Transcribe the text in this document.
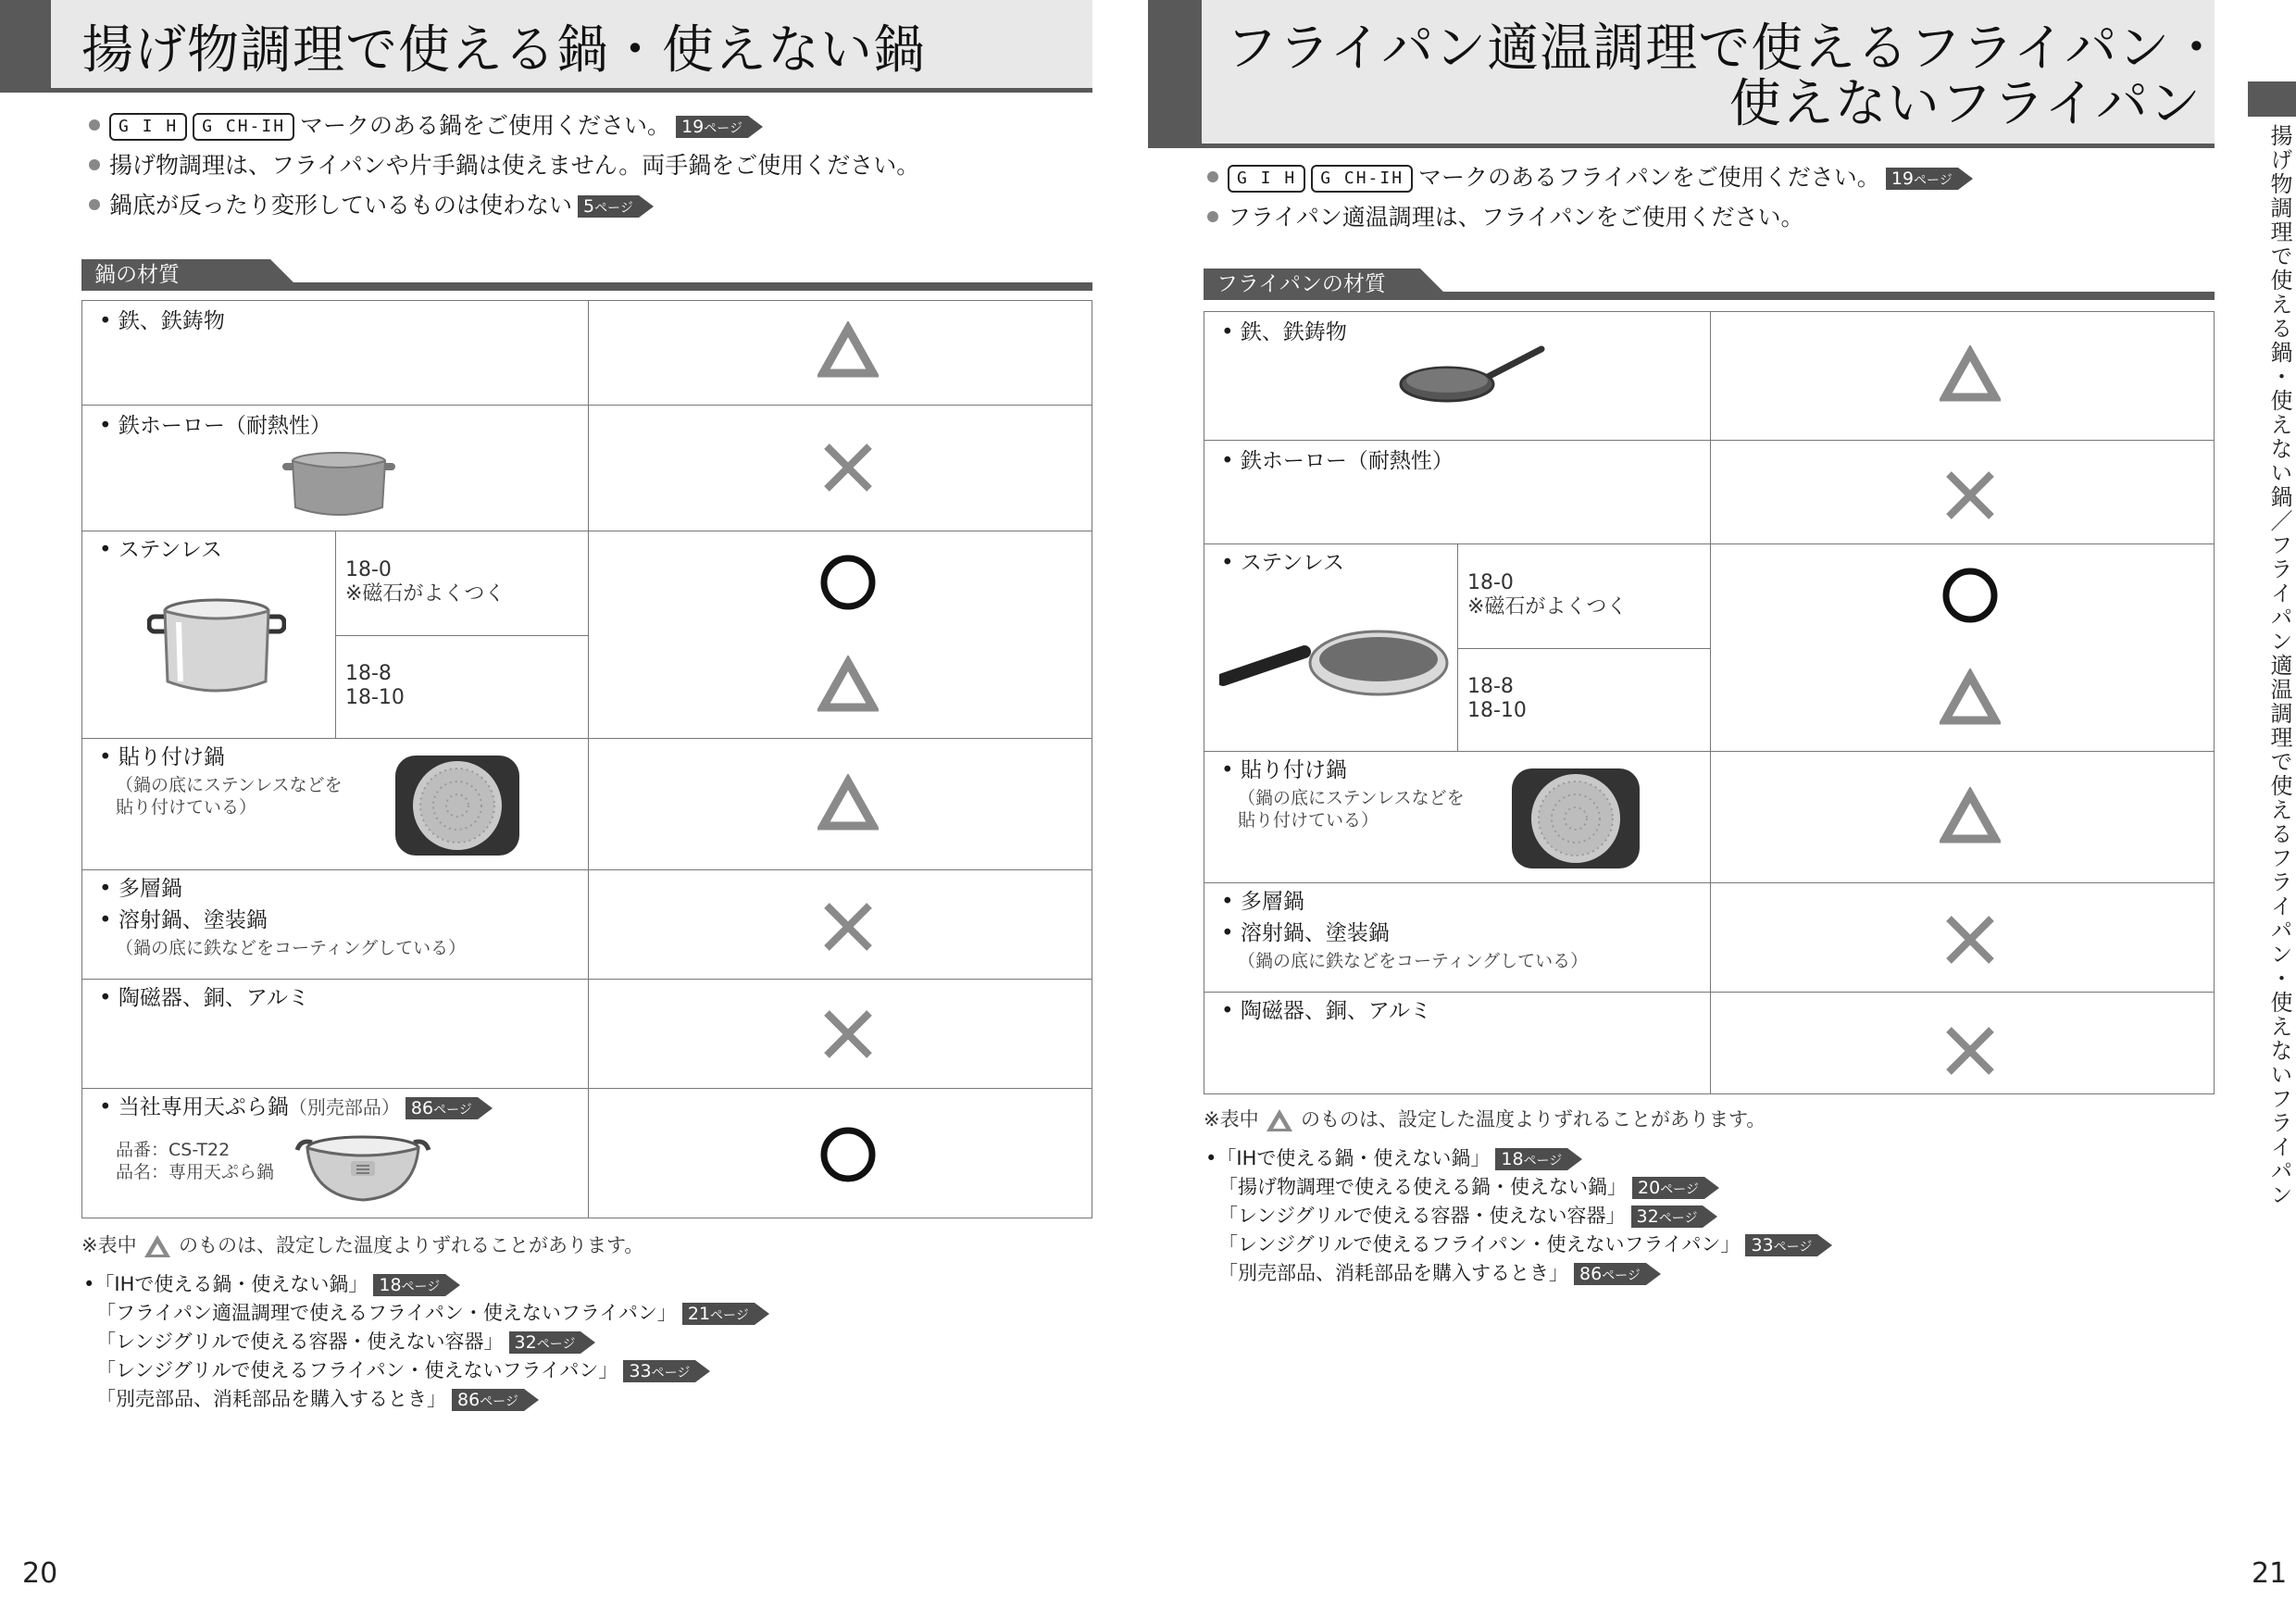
揚げ物調理で使える鍋・使えない鍋
G I H G CH-IH マークのある鍋をご使用ください。 19ページ
揚げ物調理は、フライパンや片手鍋は使えません。両手鍋をご使用ください。
鍋底が反ったり変形しているものは使わない 5ページ
鍋の材質
• 鉄、鉄鋳物
• 鉄ホーロー（耐熱性）
• ステンレス
18-0
※磁石がよくつく
18-8
18-10
• 貼り付け鍋
（鍋の底にステンレスなどを
貼り付けている）
• 多層鍋
• 溶射鍋、塗装鍋
（鍋の底に鉄などをコーティングしている）
• 陶磁器、銅、アルミ
• 当社専用天ぷら鍋（別売部品） 86ページ
品番：CS-T22
品名：専用天ぷら鍋
※表中 のものは、設定した温度よりずれることがあります。
•「IHで使える鍋・使えない鍋」 18ページ
「フライパン適温調理で使えるフライパン・使えないフライパン」 21ページ
「レンジグリルで使える容器・使えない容器」 32ページ
「レンジグリルで使えるフライパン・使えないフライパン」 33ページ
「別売部品、消耗部品を購入するとき」 86ページ
20
フライパン適温調理で使えるフライパン・
使えないフライパン
G I H G CH-IH マークのあるフライパンをご使用ください。 19ページ
フライパン適温調理は、フライパンをご使用ください。
フライパンの材質
• 鉄、鉄鋳物
• 鉄ホーロー（耐熱性）
• ステンレス
18-0
※磁石がよくつく
18-8
18-10
• 貼り付け鍋
（鍋の底にステンレスなどを
貼り付けている）
• 多層鍋
• 溶射鍋、塗装鍋
（鍋の底に鉄などをコーティングしている）
• 陶磁器、銅、アルミ
※表中 のものは、設定した温度よりずれることがあります。
•「IHで使える鍋・使えない鍋」 18ページ
「揚げ物調理で使える使える鍋・使えない鍋」 20ページ
「レンジグリルで使える容器・使えない容器」 32ページ
「レンジグリルで使えるフライパン・使えないフライパン」 33ページ
「別売部品、消耗部品を購入するとき」 86ページ
揚げ物調理で使える鍋・使えない鍋／フライパン適温調理で使えるフライパン・使えないフライパン
21
